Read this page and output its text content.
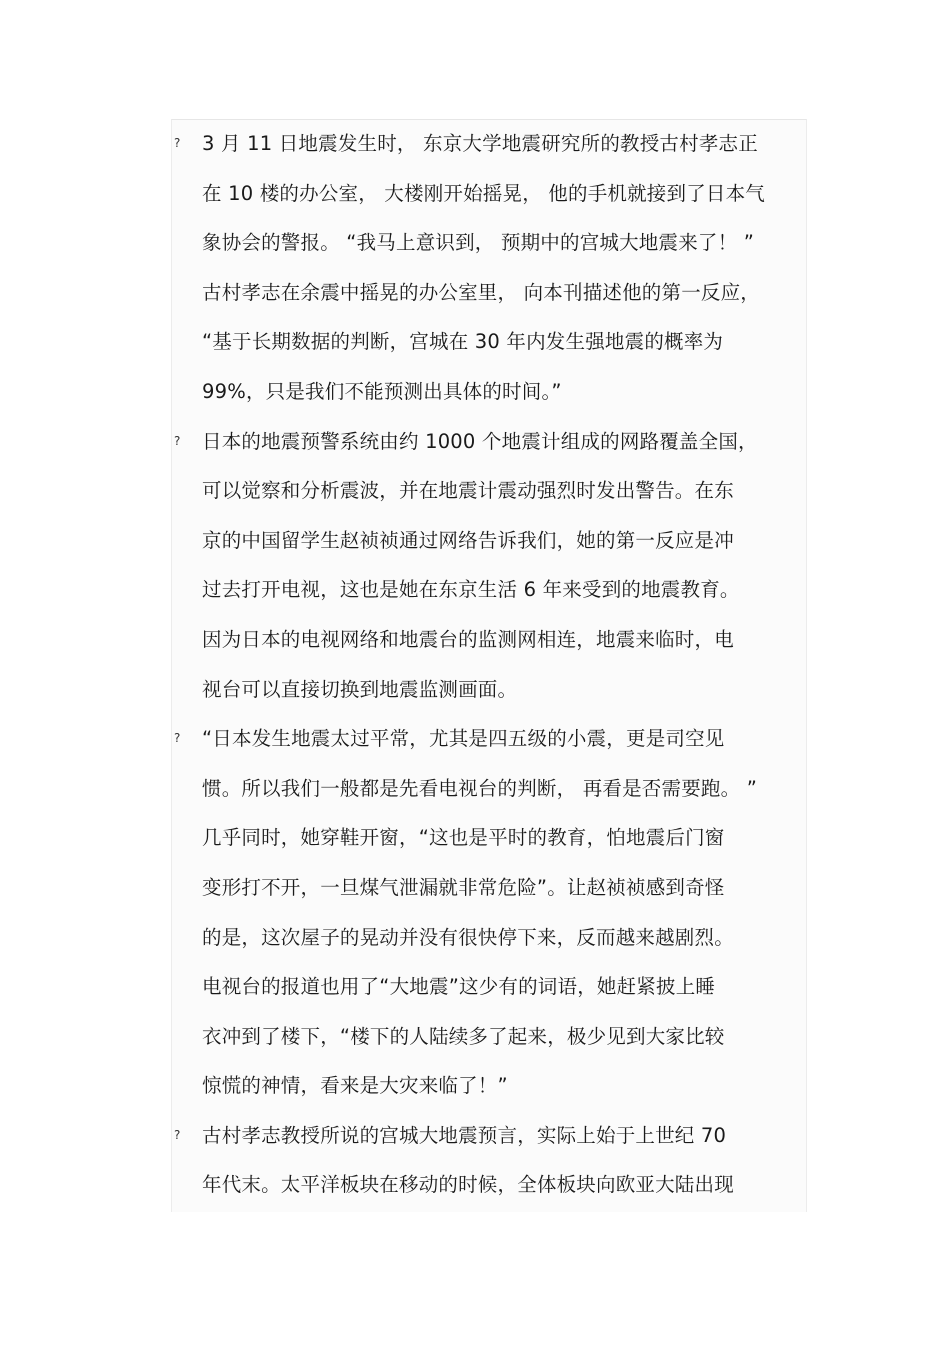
? 3 月 11 日地震发生时， 东京大学地震研究所的教授古村孝志正
在 10 楼的办公室， 大楼刚开始摇晃， 他的手机就接到了日本气
象协会的警报。 “我马上意识到， 预期中的宫城大地震来了！ ”
古村孝志在余震中摇晃的办公室里， 向本刊描述他的第一反应，
“基于长期数据的判断，宫城在 30 年内发生强地震的概率为
99%，只是我们不能预测出具体的时间。”
? 日本的地震预警系统由约 1000 个地震计组成的网路覆盖全国，
可以觉察和分析震波，并在地震计震动强烈时发出警告。在东
京的中国留学生赵祯祯通过网络告诉我们，她的第一反应是冲
过去打开电视，这也是她在东京生活 6 年来受到的地震教育。
因为日本的电视网络和地震台的监测网相连，地震来临时，电
视台可以直接切换到地震监测画面。
? “日本发生地震太过平常，尤其是四五级的小震，更是司空见
惯。所以我们一般都是先看电视台的判断， 再看是否需要跑。 ”
几乎同时，她穿鞋开窗，“这也是平时的教育，怕地震后门窗
变形打不开，一旦煤气泄漏就非常危险”。让赵祯祯感到奇怪
的是，这次屋子的晃动并没有很快停下来，反而越来越剧烈。
电视台的报道也用了“大地震”这少有的词语，她赶紧披上睡
衣冲到了楼下，“楼下的人陆续多了起来，极少见到大家比较
惊慌的神情，看来是大灾来临了！”
? 古村孝志教授所说的宫城大地震预言，实际上始于上世纪 70
年代末。太平洋板块在移动的时候，全体板块向欧亚大陆出现
